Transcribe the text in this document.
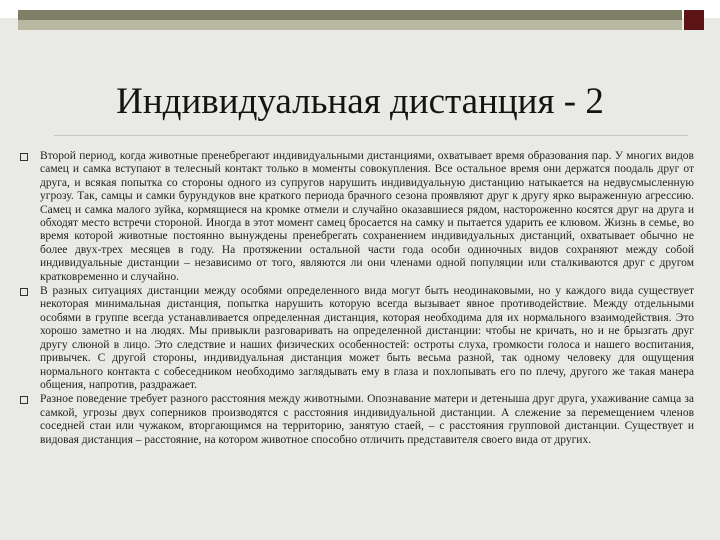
Индивидуальная дистанция - 2
Второй период, когда животные пренебрегают индивидуальными дистанциями, охватывает время образования пар. У многих видов самец и самка вступают в телесный контакт только в моменты совокупления. Все остальное время они держатся поодаль друг от друга, и всякая попытка со стороны одного из супругов нарушить индивидуальную дистанцию натыкается на недвусмысленную угрозу. Так, самцы и самки бурундуков вне краткого периода брачного сезона проявляют друг к другу ярко выраженную агрессию. Самец и самка малого зуйка, кормящиеся на кромке отмели и случайно оказавшиеся рядом, настороженно косятся друг на друга и обходят место встречи стороной. Иногда в этот момент самец бросается на самку и пытается ударить ее клювом. Жизнь в семье, во время которой животные постоянно вынуждены пренебрегать сохранением индивидуальных дистанций, охватывает обычно не более двух-трех месяцев в году. На протяжении остальной части года особи одиночных видов сохраняют между собой индивидуальные дистанции – независимо от того, являются ли они членами одной популяции или сталкиваются друг с другом кратковременно и случайно.
В разных ситуациях дистанции между особями определенного вида могут быть неодинаковыми, но у каждого вида существует некоторая минимальная дистанция, попытка нарушить которую всегда вызывает явное противодействие. Между отдельными особями в группе всегда устанавливается определенная дистанция, которая необходима для их нормального взаимодействия. Это хорошо заметно и на людях. Мы привыкли разговаривать на определенной дистанции: чтобы не кричать, но и не брызгать друг другу слюной в лицо. Это следствие и наших физических особенностей: остроты слуха, громкости голоса и нашего воспитания, привычек. С другой стороны, индивидуальная дистанция может быть весьма разной, так одному человеку для ощущения нормального контакта с собеседником необходимо заглядывать ему в глаза и похлопывать его по плечу, другого же такая манера общения, напротив, раздражает.
Разное поведение требует разного расстояния между животными. Опознавание матери и детеныша друг друга, ухаживание самца за самкой, угрозы двух соперников производятся с расстояния индивидуальной дистанции. А слежение за перемещением членов соседней стаи или чужаком, вторгающимся на территорию, занятую стаей, – с расстояния групповой дистанции. Существует и видовая дистанция – расстояние, на котором животное способно отличить представителя своего вида от других.
